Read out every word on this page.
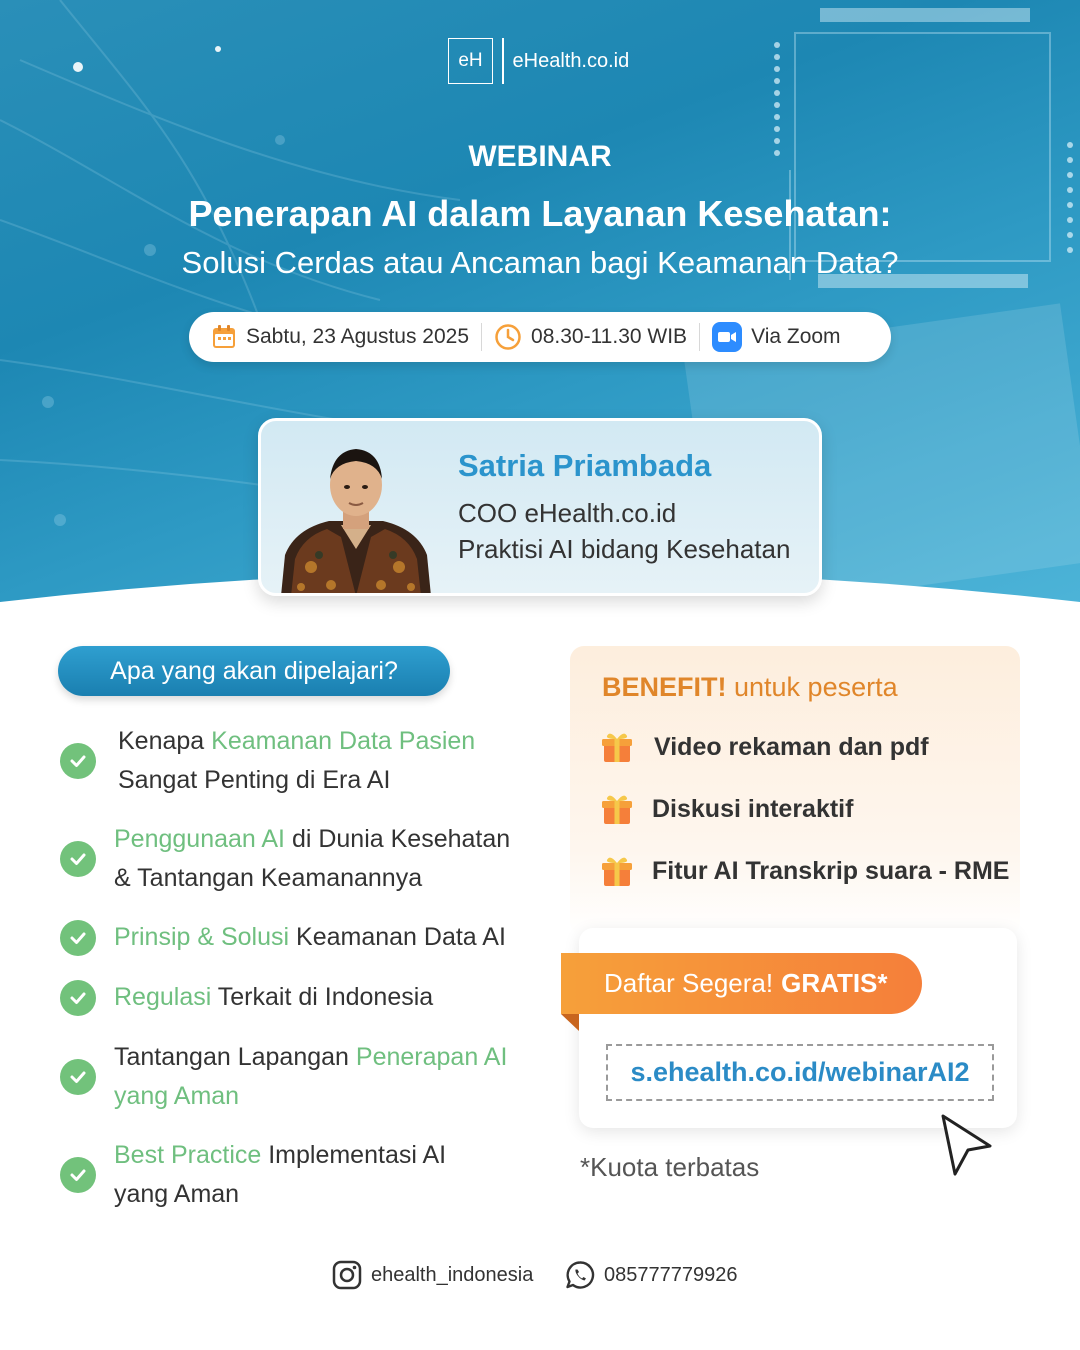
eH	eHealth.co.id
WEBINAR
Penerapan AI dalam Layanan Kesehatan:
Solusi Cerdas atau Ancaman bagi Keamanan Data?
Sabtu, 23 Agustus 2025	08.30-11.30 WIB	Via Zoom
Satria Priambada
COO eHealth.co.id
Praktisi AI bidang Kesehatan
Apa yang akan dipelajari?
Kenapa Keamanan Data Pasien
Sangat Penting di Era AI
Penggunaan AI di Dunia Kesehatan
& Tantangan Keamanannya
Prinsip & Solusi Keamanan Data AI
Regulasi Terkait di Indonesia
Tantangan Lapangan Penerapan AI
yang Aman
Best Practice Implementasi AI
yang Aman
BENEFIT! untuk peserta
Video rekaman dan pdf
Diskusi interaktif
Fitur AI Transkrip suara - RME
Daftar Segera! GRATIS*
s.ehealth.co.id/webinarAI2
*Kuota terbatas
ehealth_indonesia	085777779926
